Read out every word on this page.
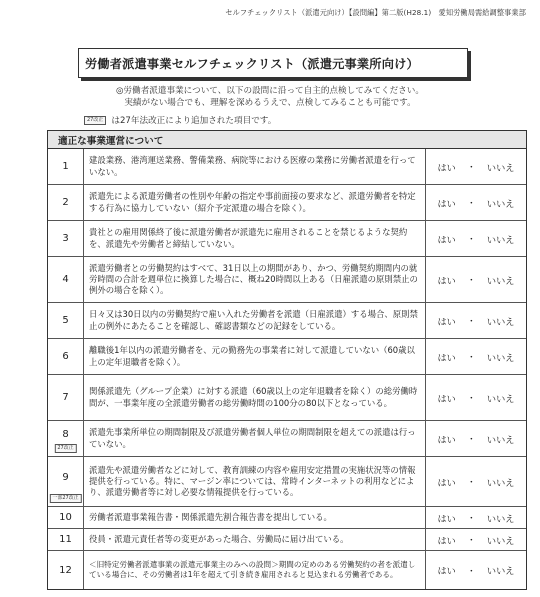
セルフチェックリスト（派遣元向け）【設問編】第二版(H28.1)　愛知労働局需給調整事業部
労働者派遣事業セルフチェックリスト（派遣元事業所向け）
◎労働者派遣事業について、以下の設問に沿って自主的点検してみてください。
実績がない場合でも、理解を深めるうえで、点検してみることも可能です。
27改正 は27年法改正により追加された項目です。
適正な事業運営について
1
建設業務、港湾運送業務、警備業務、病院等における医療の業務に労働者派遣を行っていない。	はい ・ いいえ
2
派遣先による派遣労働者の性別や年齢の指定や事前面接の要求など、派遣労働者を特定する行為に協力していない（紹介予定派遣の場合を除く）。	はい ・ いいえ
3
貴社との雇用関係終了後に派遣労働者が派遣先に雇用されることを禁じるような契約を、派遣先や労働者と締結していない。	はい ・ いいえ
4
派遣労働者との労働契約はすべて、31日以上の期間があり、かつ、労働契約期間内の就労時間の合計を週単位に換算した場合に、概ね20時間以上ある（日雇派遣の原則禁止の例外の場合を除く）。
はい ・ いいえ
5
日々又は30日以内の労働契約で雇い入れた労働者を派遣（日雇派遣）する場合、原則禁止の例外にあたることを確認し、確認書類などの記録をしている。	はい ・ いいえ
6
離職後1年以内の派遣労働者を、元の勤務先の事業者に対して派遣していない（60歳以上の定年退職者を除く）。	はい ・ いいえ
7
関係派遣先（グループ企業）に対する派遣（60歳以上の定年退職者を除く）の総労働時間が、一事業年度の全派遣労働者の総労働時間の100分の80以下となっている。	はい ・ いいえ
8
27改正
派遣先事業所単位の期間制限及び派遣労働者個人単位の期間制限を超えての派遣は行っていない。	はい ・ いいえ
9
一部27改正
派遣先や派遣労働者などに対して、教育訓練の内容や雇用安定措置の実施状況等の情報提供を行っている。特に、マージン率については、常時インターネットの利用などにより、派遣労働者等に対し必要な情報提供を行っている。
はい ・ いいえ
10	労働者派遣事業報告書・関係派遣先割合報告書を提出している。	はい ・ いいえ
11	役員・派遣元責任者等の変更があった場合、労働局に届け出ている。	はい ・ いいえ
12	＜旧特定労働者派遣事業の派遣元事業主のみへの設問＞期間の定めのある労働契約の者を派遣している場合に、その労働者は1年を超えて引き続き雇用されると見込まれる労働者である。	はい ・ いいえ
